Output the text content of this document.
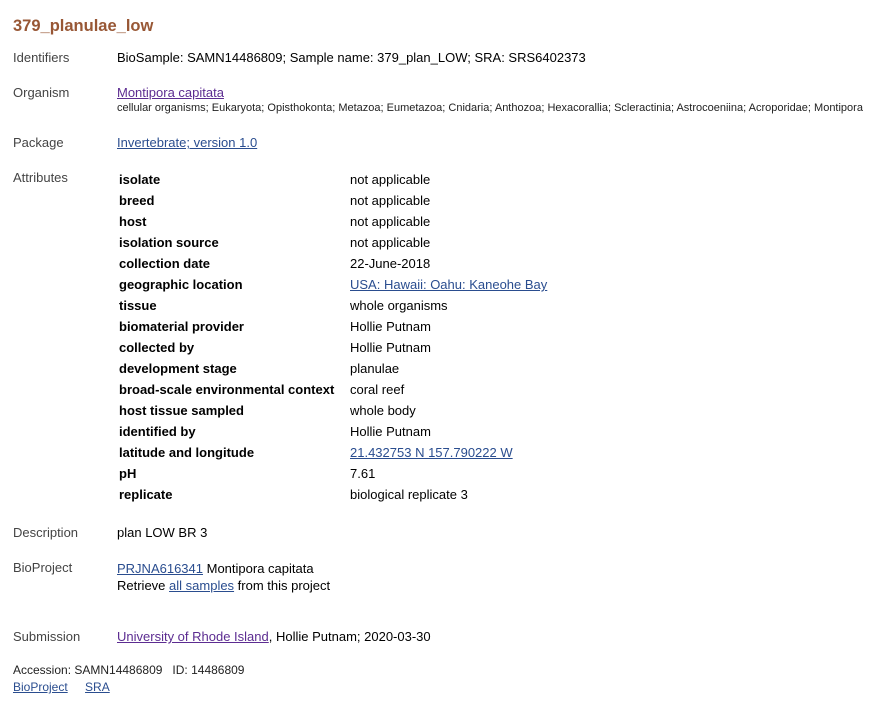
379_planulae_low
Identifiers	BioSample: SAMN14486809; Sample name: 379_plan_LOW; SRA: SRS6402373
Organism	Montipora capitata
cellular organisms; Eukaryota; Opisthokonta; Metazoa; Eumetazoa; Cnidaria; Anthozoa; Hexacorallia; Scleractinia; Astrocoeniina; Acroporidae; Montipora
Package	Invertebrate; version 1.0
Attributes	isolate	not applicable
breed	not applicable
host	not applicable
isolation source	not applicable
collection date	22-June-2018
geographic location	USA: Hawaii: Oahu: Kaneohe Bay
tissue	whole organisms
biomaterial provider	Hollie Putnam
collected by	Hollie Putnam
development stage	planulae
broad-scale environmental context	coral reef
host tissue sampled	whole body
identified by	Hollie Putnam
latitude and longitude	21.432753 N 157.790222 W
pH	7.61
replicate	biological replicate 3
Description	plan LOW BR 3
BioProject	PRJNA616341 Montipora capitata
Retrieve all samples from this project
Submission	University of Rhode Island, Hollie Putnam; 2020-03-30
Accession: SAMN14486809   ID: 14486809
BioProject SRA
